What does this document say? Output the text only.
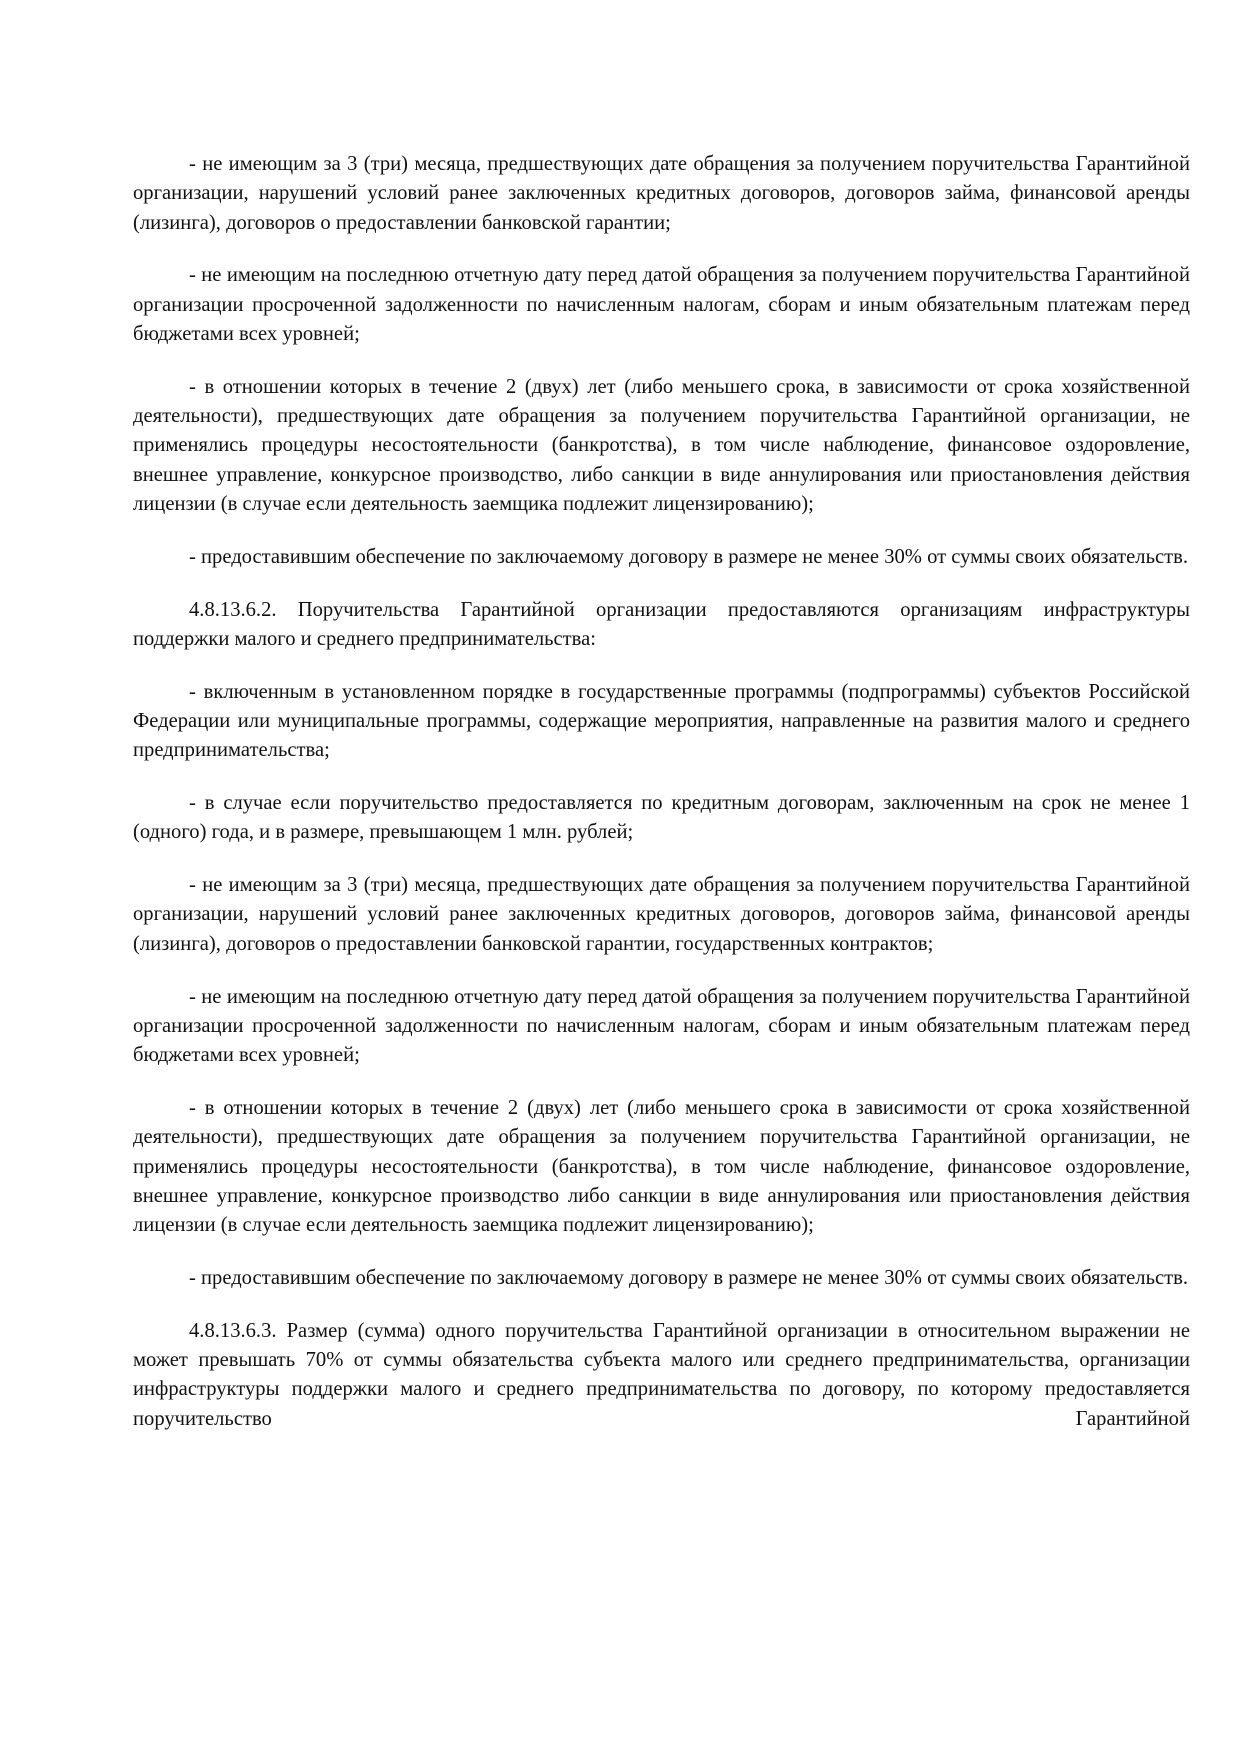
- не имеющим за 3 (три) месяца, предшествующих дате обращения за получением поручительства Гарантийной организации, нарушений условий ранее заключенных кредитных договоров, договоров займа, финансовой аренды (лизинга), договоров о предоставлении банковской гарантии;

- не имеющим на последнюю отчетную дату перед датой обращения за получением поручительства Гарантийной организации просроченной задолженности по начисленным налогам, сборам и иным обязательным платежам перед бюджетами всех уровней;

- в отношении которых в течение 2 (двух) лет (либо меньшего срока, в зависимости от срока хозяйственной деятельности), предшествующих дате обращения за получением поручительства Гарантийной организации, не применялись процедуры несостоятельности (банкротства), в том числе наблюдение, финансовое оздоровление, внешнее управление, конкурсное производство, либо санкции в виде аннулирования или приостановления действия лицензии (в случае если деятельность заемщика подлежит лицензированию);

- предоставившим обеспечение по заключаемому договору в размере не менее 30% от суммы своих обязательств.

4.8.13.6.2. Поручительства Гарантийной организации предоставляются организациям инфраструктуры поддержки малого и среднего предпринимательства:

- включенным в установленном порядке в государственные программы (подпрограммы) субъектов Российской Федерации или муниципальные программы, содержащие мероприятия, направленные на развития малого и среднего предпринимательства;

- в случае если поручительство предоставляется по кредитным договорам, заключенным на срок не менее 1 (одного) года, и в размере, превышающем 1 млн. рублей;

- не имеющим за 3 (три) месяца, предшествующих дате обращения за получением поручительства Гарантийной организации, нарушений условий ранее заключенных кредитных договоров, договоров займа, финансовой аренды (лизинга), договоров о предоставлении банковской гарантии, государственных контрактов;

- не имеющим на последнюю отчетную дату перед датой обращения за получением поручительства Гарантийной организации просроченной задолженности по начисленным налогам, сборам и иным обязательным платежам перед бюджетами всех уровней;

- в отношении которых в течение 2 (двух) лет (либо меньшего срока в зависимости от срока хозяйственной деятельности), предшествующих дате обращения за получением поручительства Гарантийной организации, не применялись процедуры несостоятельности (банкротства), в том числе наблюдение, финансовое оздоровление, внешнее управление, конкурсное производство либо санкции в виде аннулирования или приостановления действия лицензии (в случае если деятельность заемщика подлежит лицензированию);

- предоставившим обеспечение по заключаемому договору в размере не менее 30% от суммы своих обязательств.

4.8.13.6.3. Размер (сумма) одного поручительства Гарантийной организации в относительном выражении не может превышать 70% от суммы обязательства субъекта малого или среднего предпринимательства, организации инфраструктуры поддержки малого и среднего предпринимательства по договору, по которому предоставляется поручительство Гарантийной
